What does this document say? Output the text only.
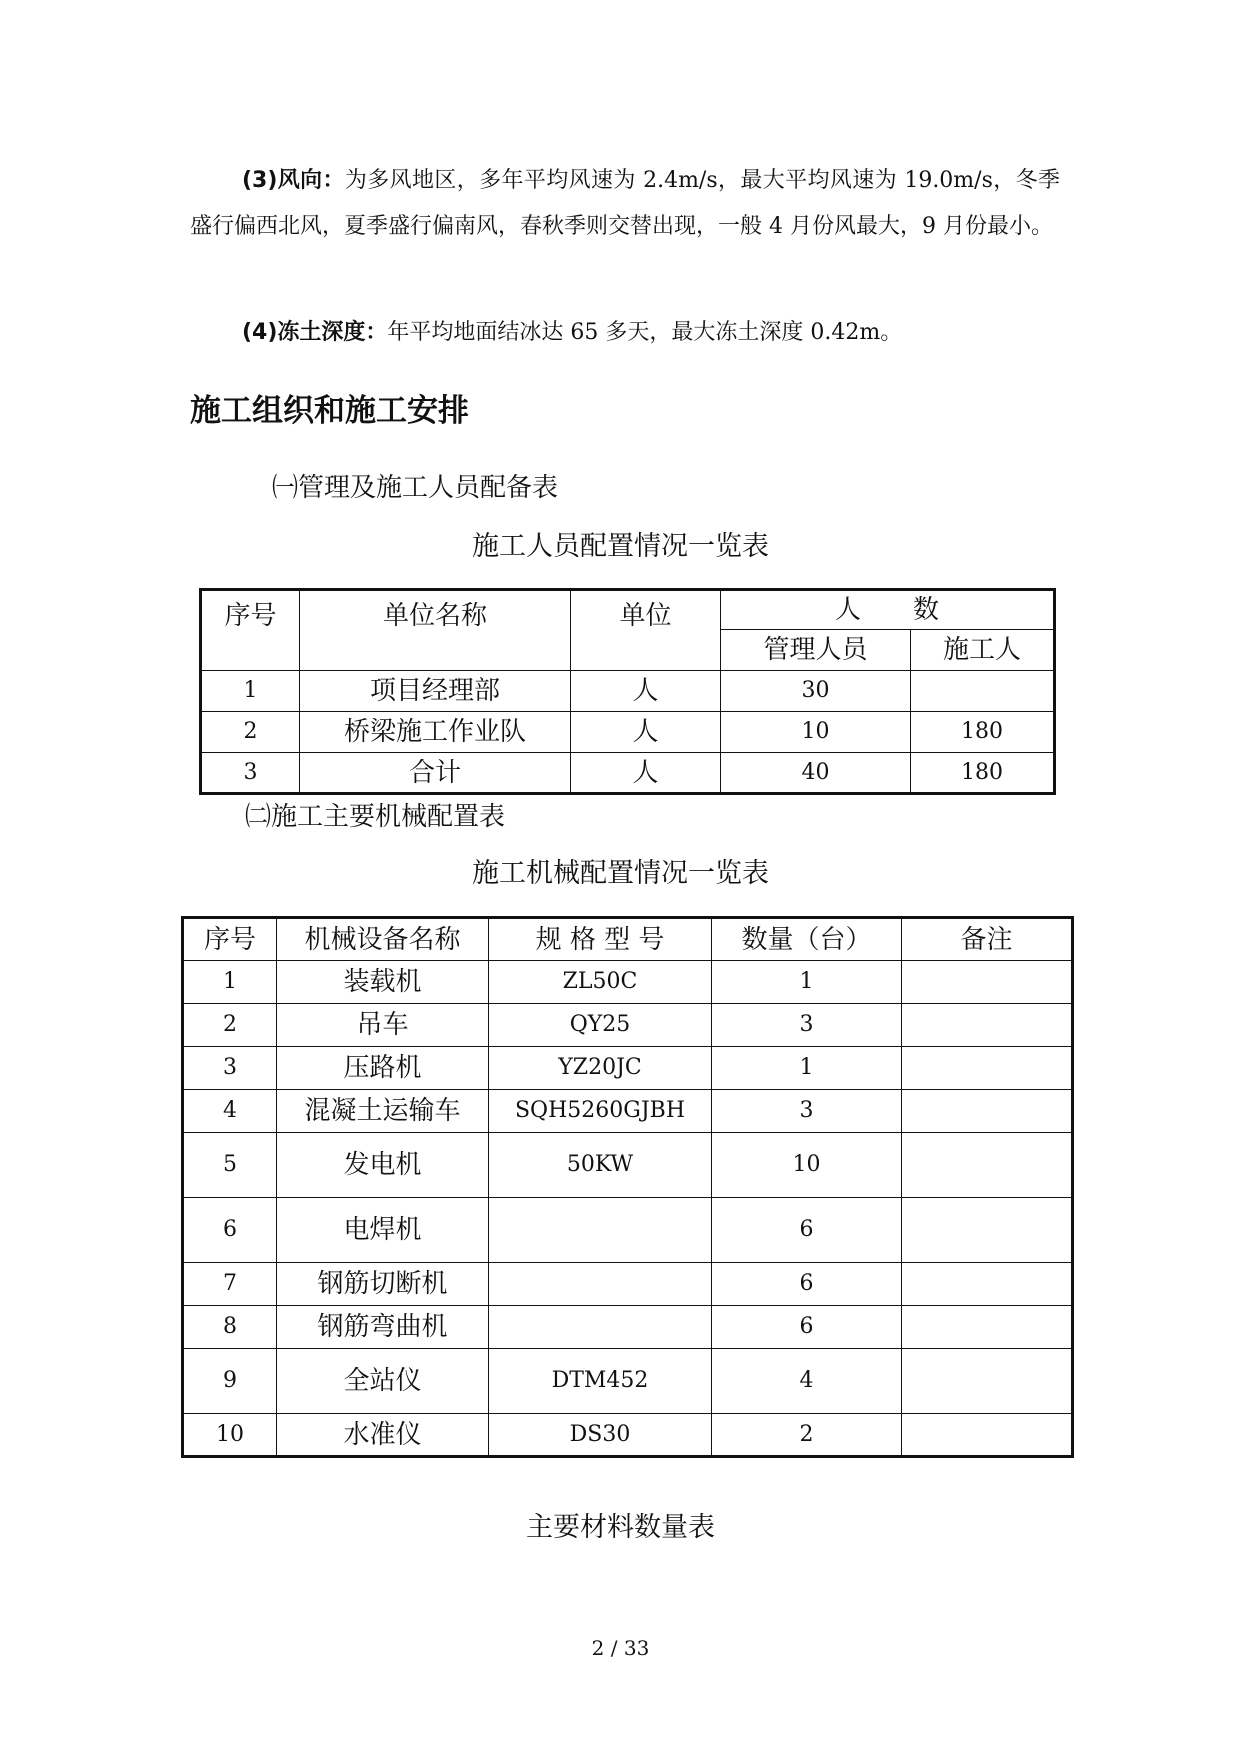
(3)风向：为多风地区，多年平均风速为 2.4m/s，最大平均风速为 19.0m/s，冬季盛行偏西北风，夏季盛行偏南风，春秋季则交替出现，一般 4 月份风最大，9 月份最小。

(4)冻土深度：年平均地面结冰达 65 多天，最大冻土深度 0.42m。

施工组织和施工安排

㈠管理及施工人员配备表

施工人员配置情况一览表

序号	单位名称	单位	人　　数	
			管理人员	施工人
1	项目经理部	人	30	
2	桥梁施工作业队	人	10	180
3	合计	人	40	180

㈡施工主要机械配置表

施工机械配置情况一览表

序号	机械设备名称	规 格 型 号	数量（台）	备注
1	装载机	ZL50C	1	
2	吊车	QY25	3	
3	压路机	YZ20JC	1	
4	混凝土运输车	SQH5260GJBH	3	
5	发电机	50KW	10	
6	电焊机		6	
7	钢筋切断机		6	
8	钢筋弯曲机		6	
9	全站仪	DTM452	4	
10	水准仪	DS30	2	

主要材料数量表

2 / 33
